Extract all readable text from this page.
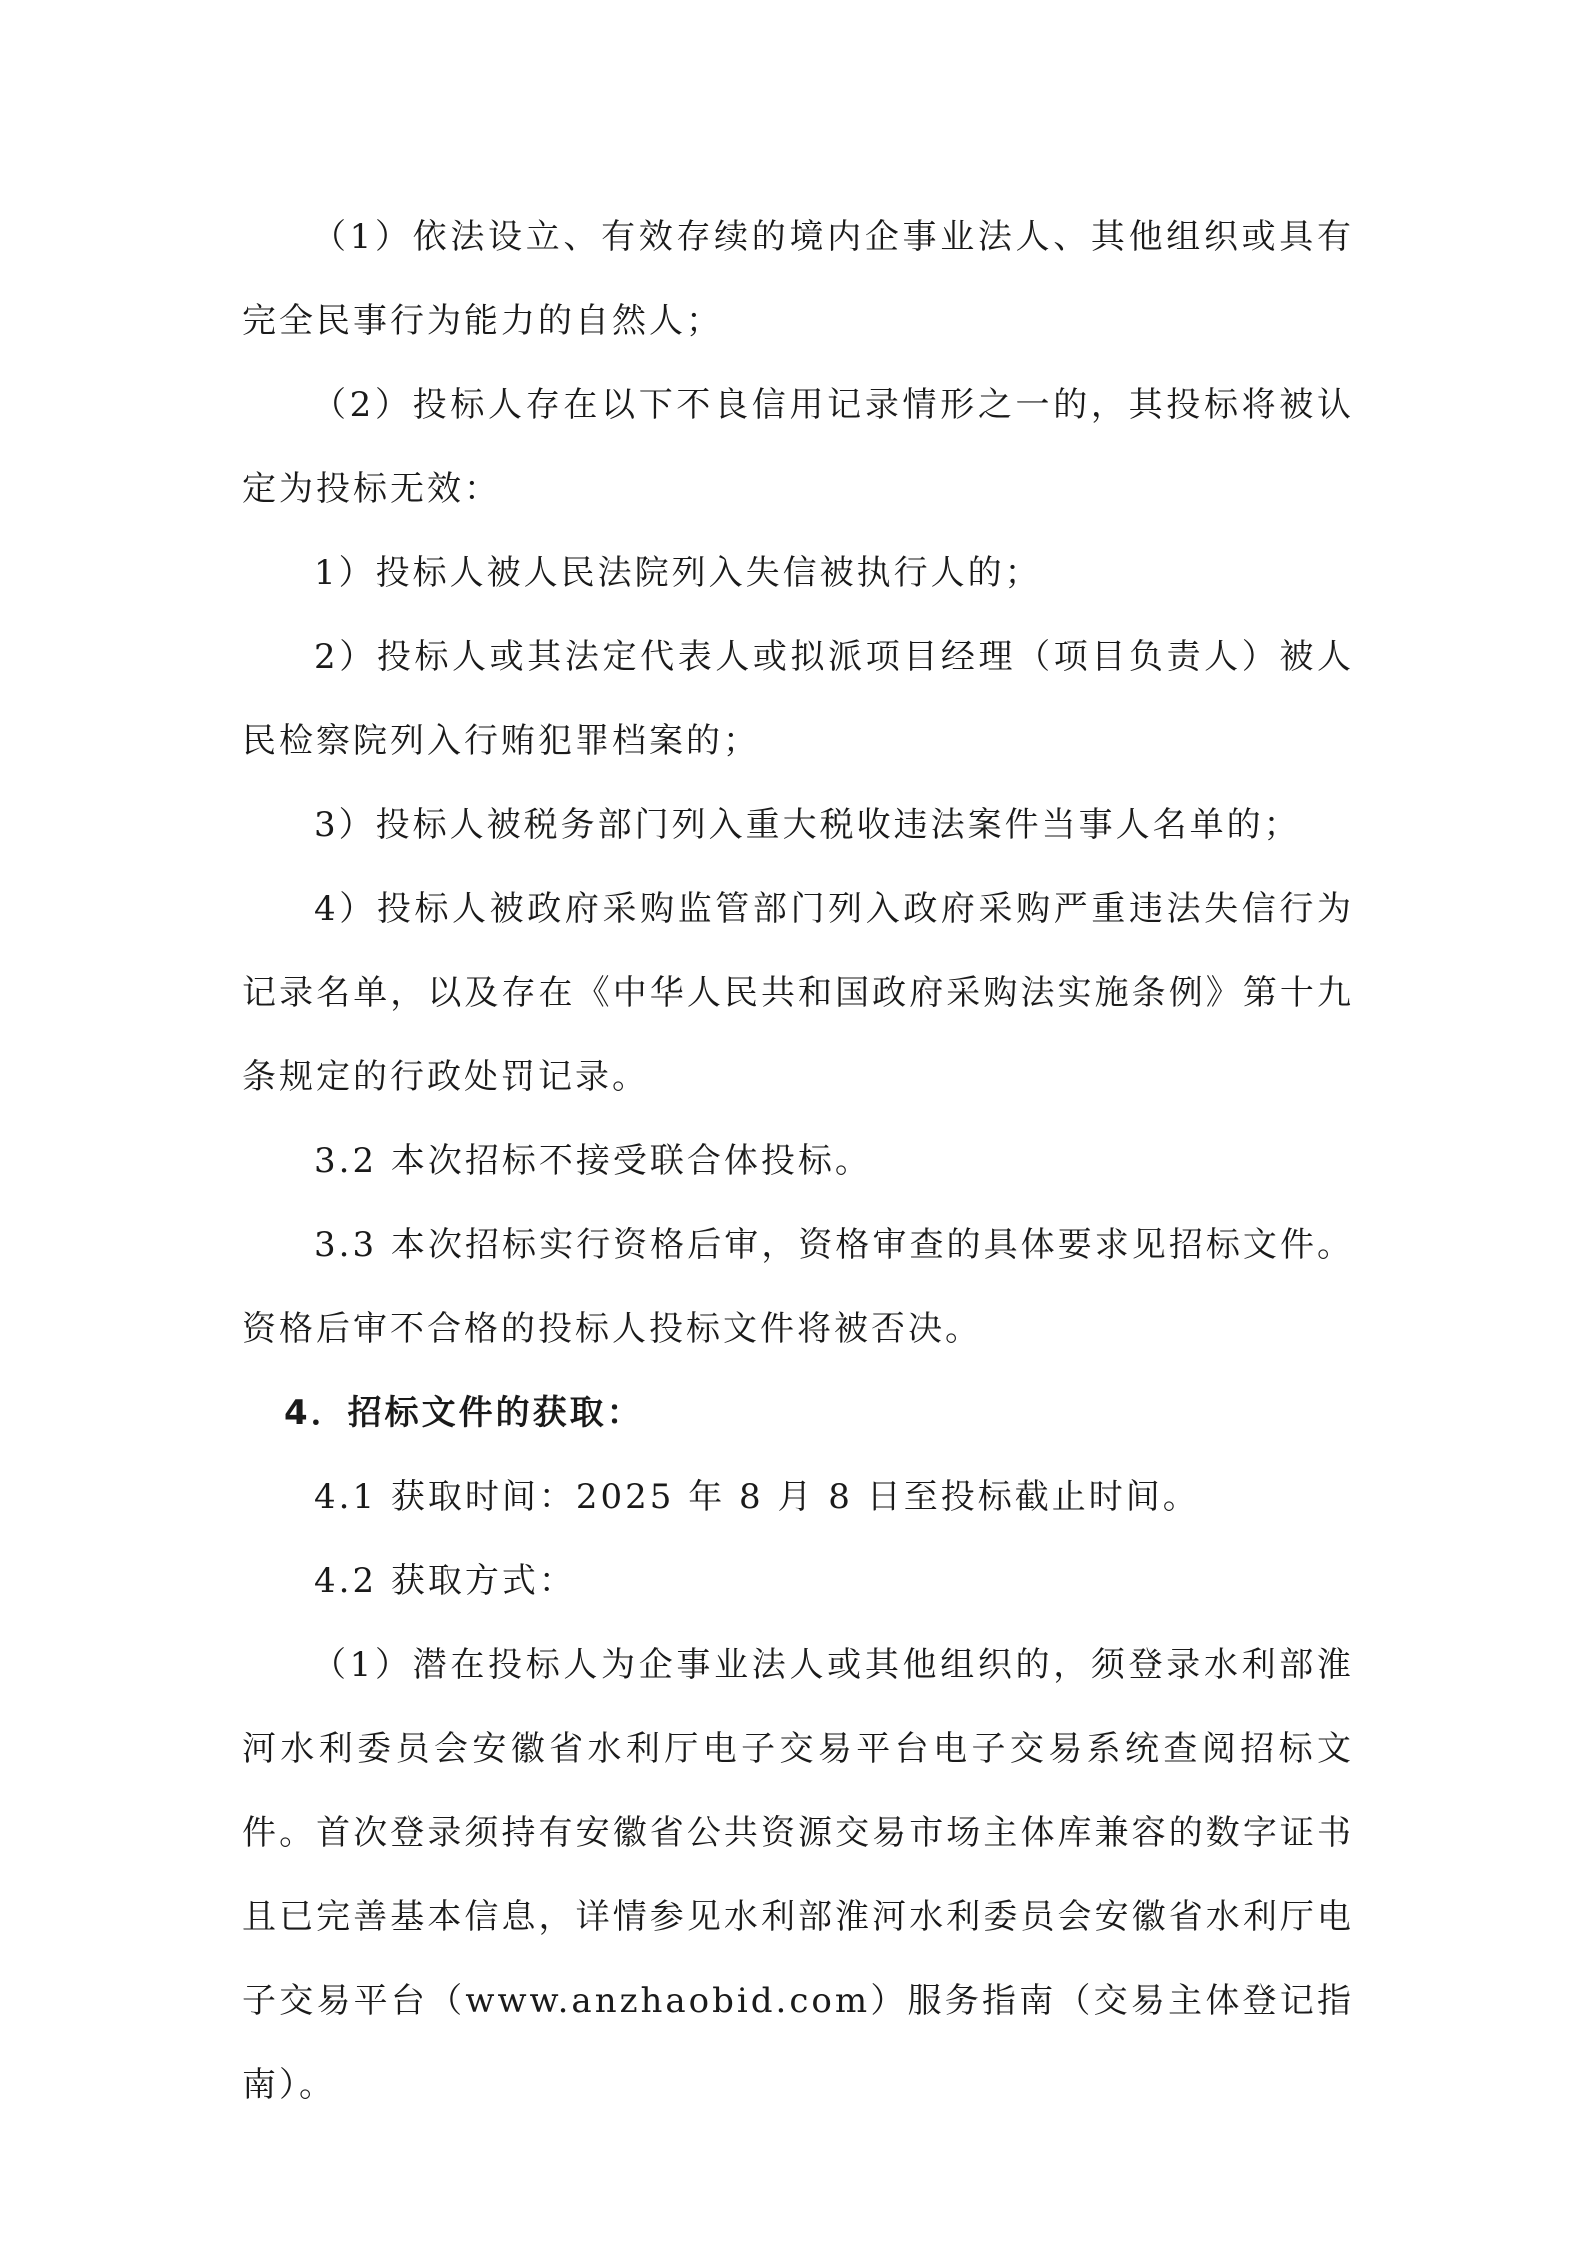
（1）依法设立、有效存续的境内企事业法人、其他组织或具有完全民事行为能力的自然人；

（2）投标人存在以下不良信用记录情形之一的，其投标将被认定为投标无效：

1）投标人被人民法院列入失信被执行人的；

2）投标人或其法定代表人或拟派项目经理（项目负责人）被人民检察院列入行贿犯罪档案的；

3）投标人被税务部门列入重大税收违法案件当事人名单的；

4）投标人被政府采购监管部门列入政府采购严重违法失信行为记录名单，以及存在《中华人民共和国政府采购法实施条例》第十九条规定的行政处罚记录。

3.2 本次招标不接受联合体投标。

3.3 本次招标实行资格后审，资格审查的具体要求见招标文件。资格后审不合格的投标人投标文件将被否决。

4．招标文件的获取：

4.1 获取时间：2025 年 8 月 8 日至投标截止时间。

4.2 获取方式：

（1）潜在投标人为企事业法人或其他组织的，须登录水利部淮河水利委员会安徽省水利厅电子交易平台电子交易系统查阅招标文件。首次登录须持有安徽省公共资源交易市场主体库兼容的数字证书且已完善基本信息，详情参见水利部淮河水利委员会安徽省水利厅电子交易平台（www.anzhaobid.com）服务指南（交易主体登记指南）。
